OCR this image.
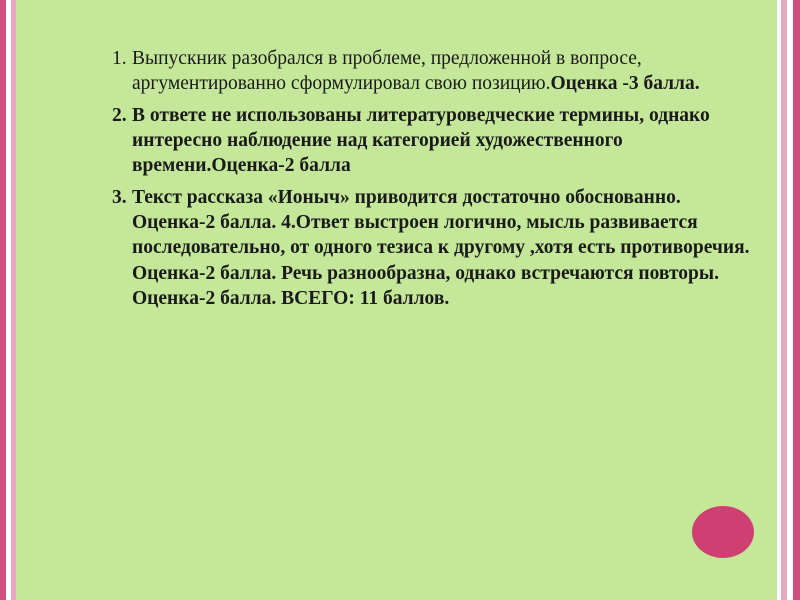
1. Выпускник разобрался в проблеме, предложенной в вопросе, аргументированно сформулировал свою позицию.Оценка -3 балла.
2. В ответе не использованы литературоведческие термины, однако интересно наблюдение над категорией художественного времени.Оценка-2 балла
3. Текст рассказа «Ионыч» приводится достаточно обоснованно. Оценка-2 балла. 4.Ответ выстроен логично, мысль развивается последовательно, от одного тезиса к другому ,хотя есть противоречия. Оценка-2 балла. Речь разнообразна, однако встречаются повторы. Оценка-2 балла. ВСЕГО: 11 баллов.
